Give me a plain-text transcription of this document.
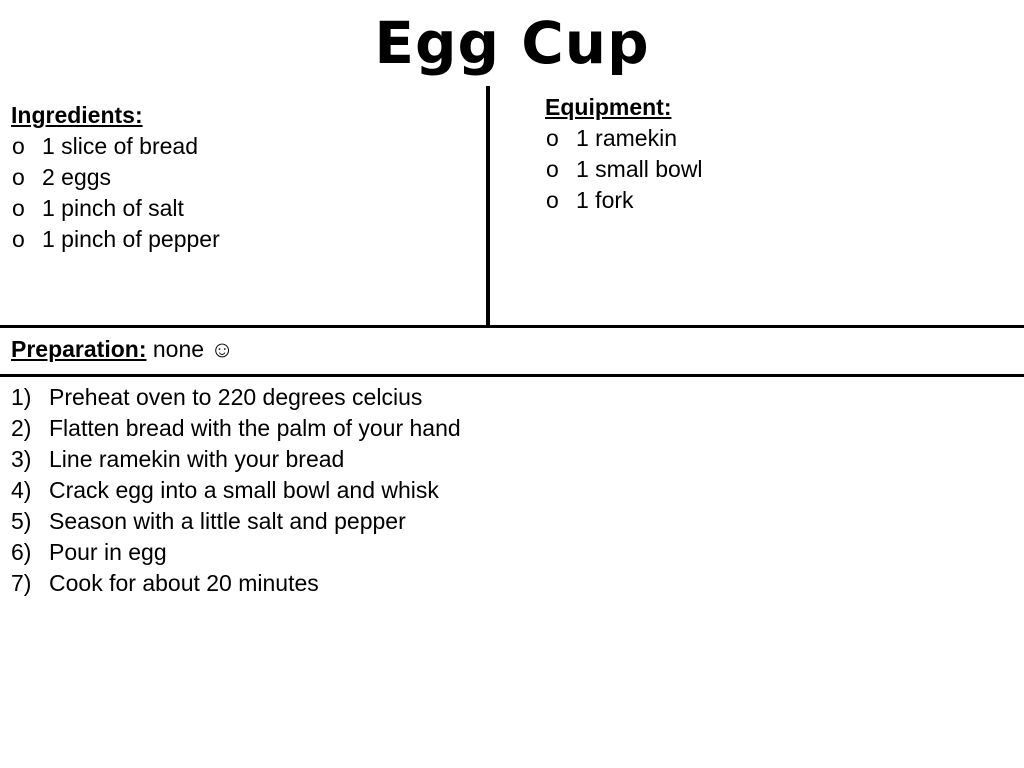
Egg Cup
Ingredients:
o 1 slice of bread
o 2 eggs
o 1 pinch of salt
o 1 pinch of pepper
Equipment:
o 1 ramekin
o 1 small bowl
o 1 fork
Preparation: none ☺
1) Preheat oven to 220 degrees celcius
2) Flatten bread with the palm of your hand
3) Line ramekin with your bread
4) Crack egg into a small bowl and whisk
5) Season with a little salt and pepper
6) Pour in egg
7) Cook for about 20 minutes
